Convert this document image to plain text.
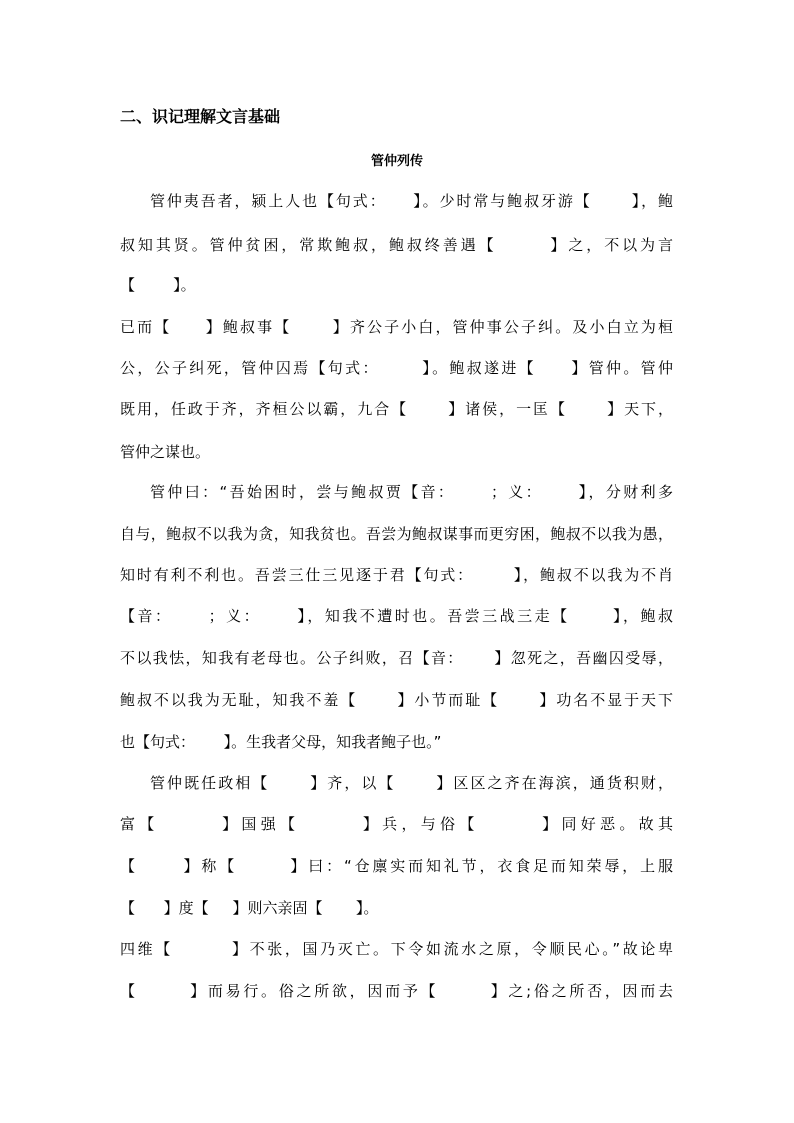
二、识记理解文言基础
管仲列传
管仲夷吾者，颍上人也【句式：    】。少时常与鲍叔牙游【      】，鲍
叔知其贤。管仲贫困，常欺鲍叔，鲍叔终善遇【       】之，不以为言
【        】。
已而【     】鲍叔事【      】齐公子小白，管仲事公子纠。及小白立为桓
公，公子纠死，管仲囚焉【句式：      】。鲍叔遂进【     】管仲。管仲
既用，任政于齐，齐桓公以霸，九合【      】诸侯，一匡【      】天下，
管仲之谋也。
管仲曰：“吾始困时，尝与鲍叔贾【音：     ；义：     】，分财利多
自与，鲍叔不以我为贪，知我贫也。吾尝为鲍叔谋事而更穷困，鲍叔不以我为愚，
知时有利不利也。吾尝三仕三见逐于君【句式：      】，鲍叔不以我为不肖
【音：     ；义：     】，知我不遭时也。吾尝三战三走【      】，鲍叔
不以我怯，知我有老母也。公子纠败，召【音：     】忽死之，吾幽囚受辱，
鲍叔不以我为无耻，知我不羞【      】小节而耻【      】功名不显于天下
也【句式：      】。生我者父母，知我者鲍子也。”
管仲既任政相【      】齐，以【      】区区之齐在海滨，通货积财，
富【       】国强【       】兵，与俗【       】同好恶。故其
【      】称【       】曰：“仓廪实而知礼节，衣食足而知荣辱，上服
【      】度【     】则六亲固【       】。
四维【        】不张，国乃灭亡。下令如流水之原，令顺民心。”故论卑
【       】而易行。俗之所欲，因而予【       】之;俗之所否，因而去
